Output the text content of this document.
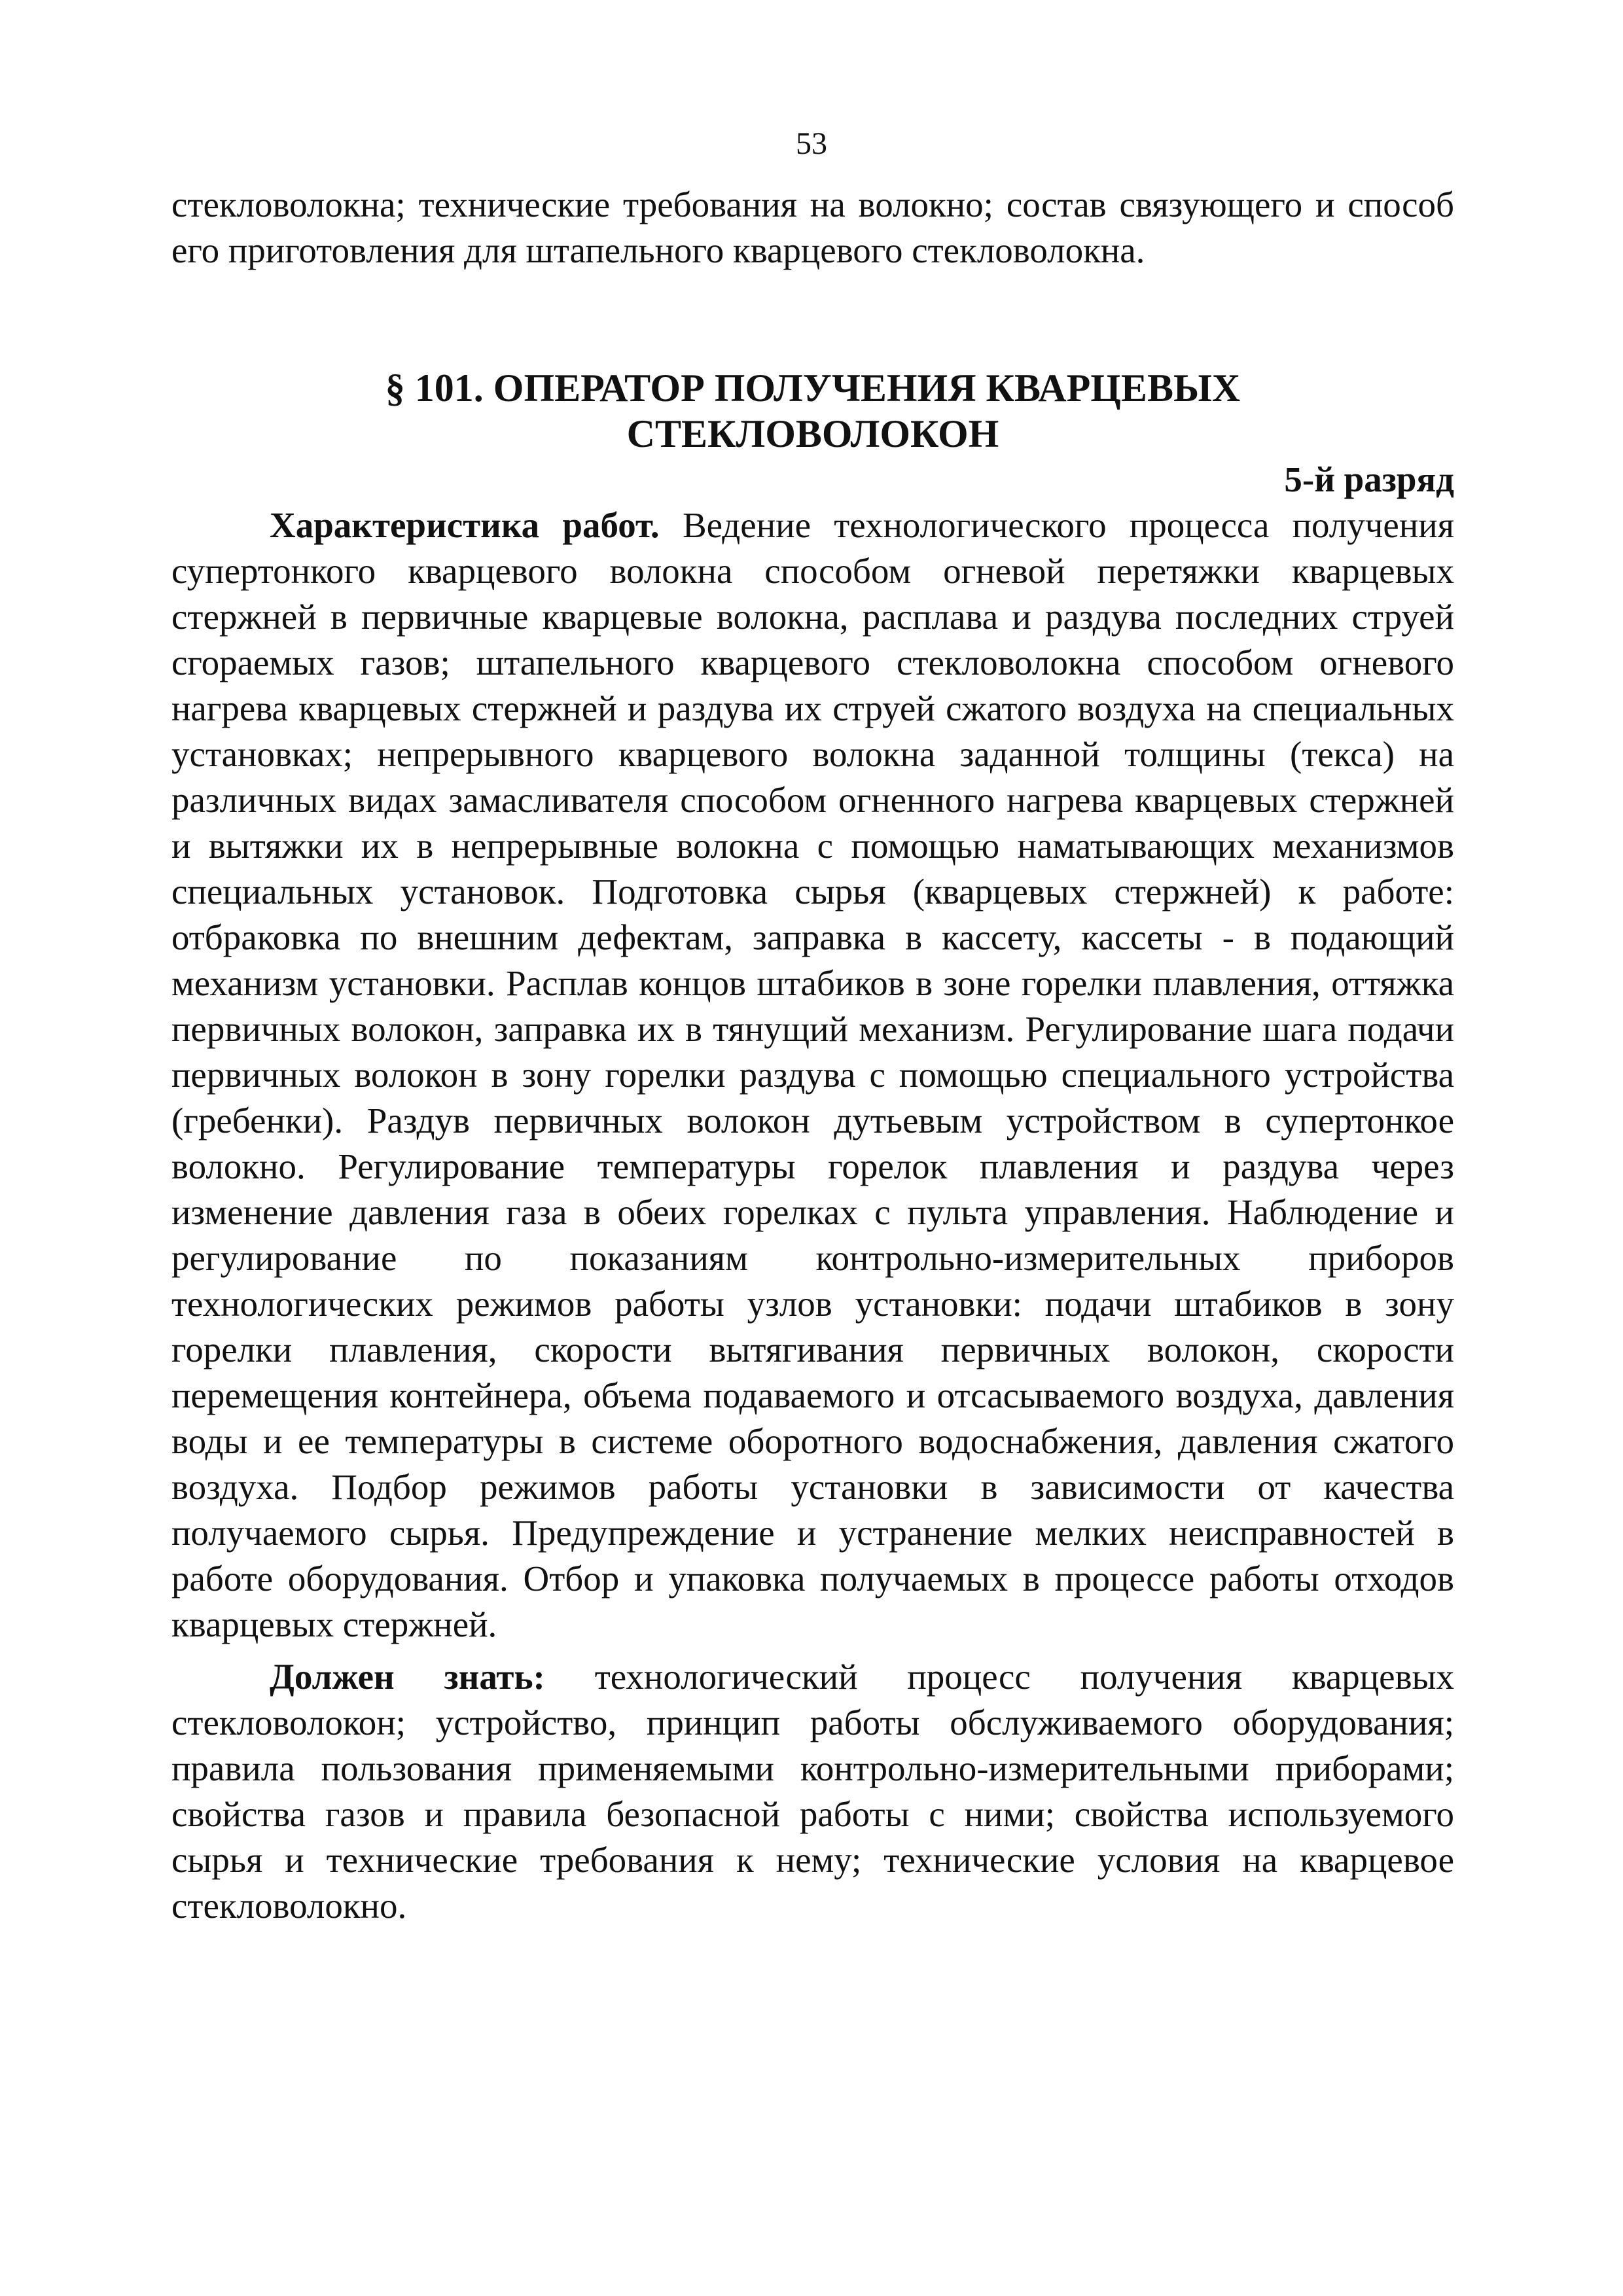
53

стекловолокна; технические требования на волокно; состав связующего и способ его приготовления для штапельного кварцевого стекловолокна.

§ 101. ОПЕРАТОР ПОЛУЧЕНИЯ КВАРЦЕВЫХ
СТЕКЛОВОЛОКОН

5-й разряд

Характеристика работ. Ведение технологического процесса получения супертонкого кварцевого волокна способом огневой перетяжки кварцевых стержней в первичные кварцевые волокна, расплава и раздува последних струей сгораемых газов; штапельного кварцевого стекловолокна способом огневого нагрева кварцевых стержней и раздува их струей сжатого воздуха на специальных установках; непрерывного кварцевого волокна заданной толщины (текса) на различных видах замасливателя способом огненного нагрева кварцевых стержней и вытяжки их в непрерывные волокна с помощью наматывающих механизмов специальных установок. Подготовка сырья (кварцевых стержней) к работе: отбраковка по внешним дефектам, заправка в кассету, кассеты - в подающий механизм установки. Расплав концов штабиков в зоне горелки плавления, оттяжка первичных волокон, заправка их в тянущий механизм. Регулирование шага подачи первичных волокон в зону горелки раздува с помощью специального устройства (гребенки). Раздув первичных волокон дутьевым устройством в супертонкое волокно. Регулирование температуры горелок плавления и раздува через изменение давления газа в обеих горелках с пульта управления. Наблюдение и регулирование по показаниям контрольно-измерительных приборов технологических режимов работы узлов установки: подачи штабиков в зону горелки плавления, скорости вытягивания первичных волокон, скорости перемещения контейнера, объема подаваемого и отсасываемого воздуха, давления воды и ее температуры в системе оборотного водоснабжения, давления сжатого воздуха. Подбор режимов работы установки в зависимости от качества получаемого сырья. Предупреждение и устранение мелких неисправностей в работе оборудования. Отбор и упаковка получаемых в процессе работы отходов кварцевых стержней.

Должен знать: технологический процесс получения кварцевых стекловолокон; устройство, принцип работы обслуживаемого оборудования; правила пользования применяемыми контрольно-измерительными приборами; свойства газов и правила безопасной работы с ними; свойства используемого сырья и технические требования к нему; технические условия на кварцевое стекловолокно.
